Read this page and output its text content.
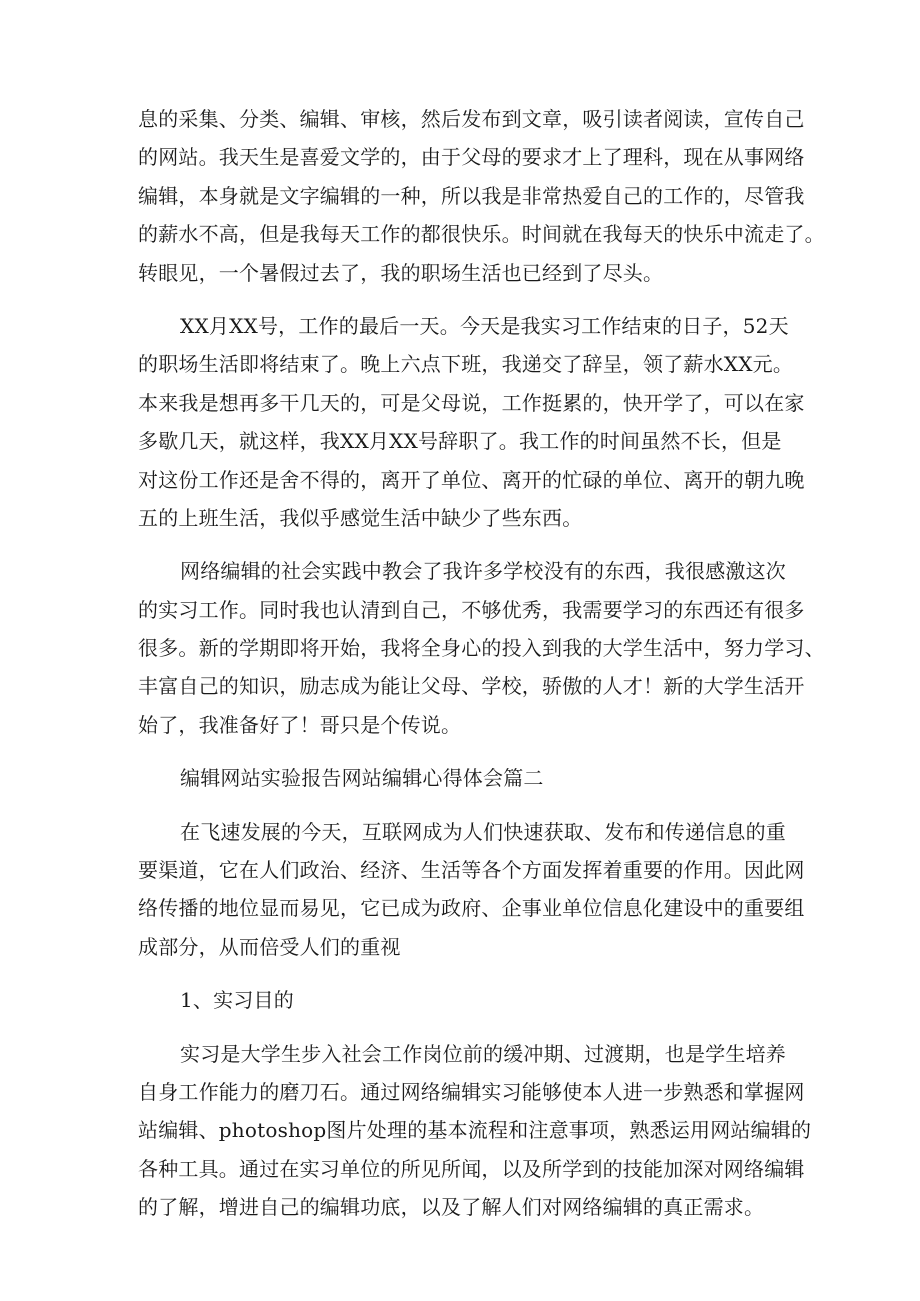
息的采集、分类、编辑、审核，然后发布到文章，吸引读者阅读，宣传自己
的网站。我天生是喜爱文学的，由于父母的要求才上了理科，现在从事网络
编辑，本身就是文字编辑的一种，所以我是非常热爱自己的工作的，尽管我
的薪水不高，但是我每天工作的都很快乐。时间就在我每天的快乐中流走了。
转眼见，一个暑假过去了，我的职场生活也已经到了尽头。
XX月XX号，工作的最后一天。今天是我实习工作结束的日子，52天
的职场生活即将结束了。晚上六点下班，我递交了辞呈，领了薪水XX元。
本来我是想再多干几天的，可是父母说，工作挺累的，快开学了，可以在家
多歇几天，就这样，我XX月XX号辞职了。我工作的时间虽然不长，但是
对这份工作还是舍不得的，离开了单位、离开的忙碌的单位、离开的朝九晚
五的上班生活，我似乎感觉生活中缺少了些东西。
网络编辑的社会实践中教会了我许多学校没有的东西，我很感激这次
的实习工作。同时我也认清到自己，不够优秀，我需要学习的东西还有很多
很多。新的学期即将开始，我将全身心的投入到我的大学生活中，努力学习、
丰富自己的知识，励志成为能让父母、学校，骄傲的人才！新的大学生活开
始了，我准备好了！哥只是个传说。
编辑网站实验报告网站编辑心得体会篇二
在飞速发展的今天，互联网成为人们快速获取、发布和传递信息的重
要渠道，它在人们政治、经济、生活等各个方面发挥着重要的作用。因此网
络传播的地位显而易见，它已成为政府、企事业单位信息化建设中的重要组
成部分，从而倍受人们的重视
1、实习目的
实习是大学生步入社会工作岗位前的缓冲期、过渡期，也是学生培养
自身工作能力的磨刀石。通过网络编辑实习能够使本人进一步熟悉和掌握网
站编辑、photoshop图片处理的基本流程和注意事项，熟悉运用网站编辑的
各种工具。通过在实习单位的所见所闻，以及所学到的技能加深对网络编辑
的了解，增进自己的编辑功底，以及了解人们对网络编辑的真正需求。
